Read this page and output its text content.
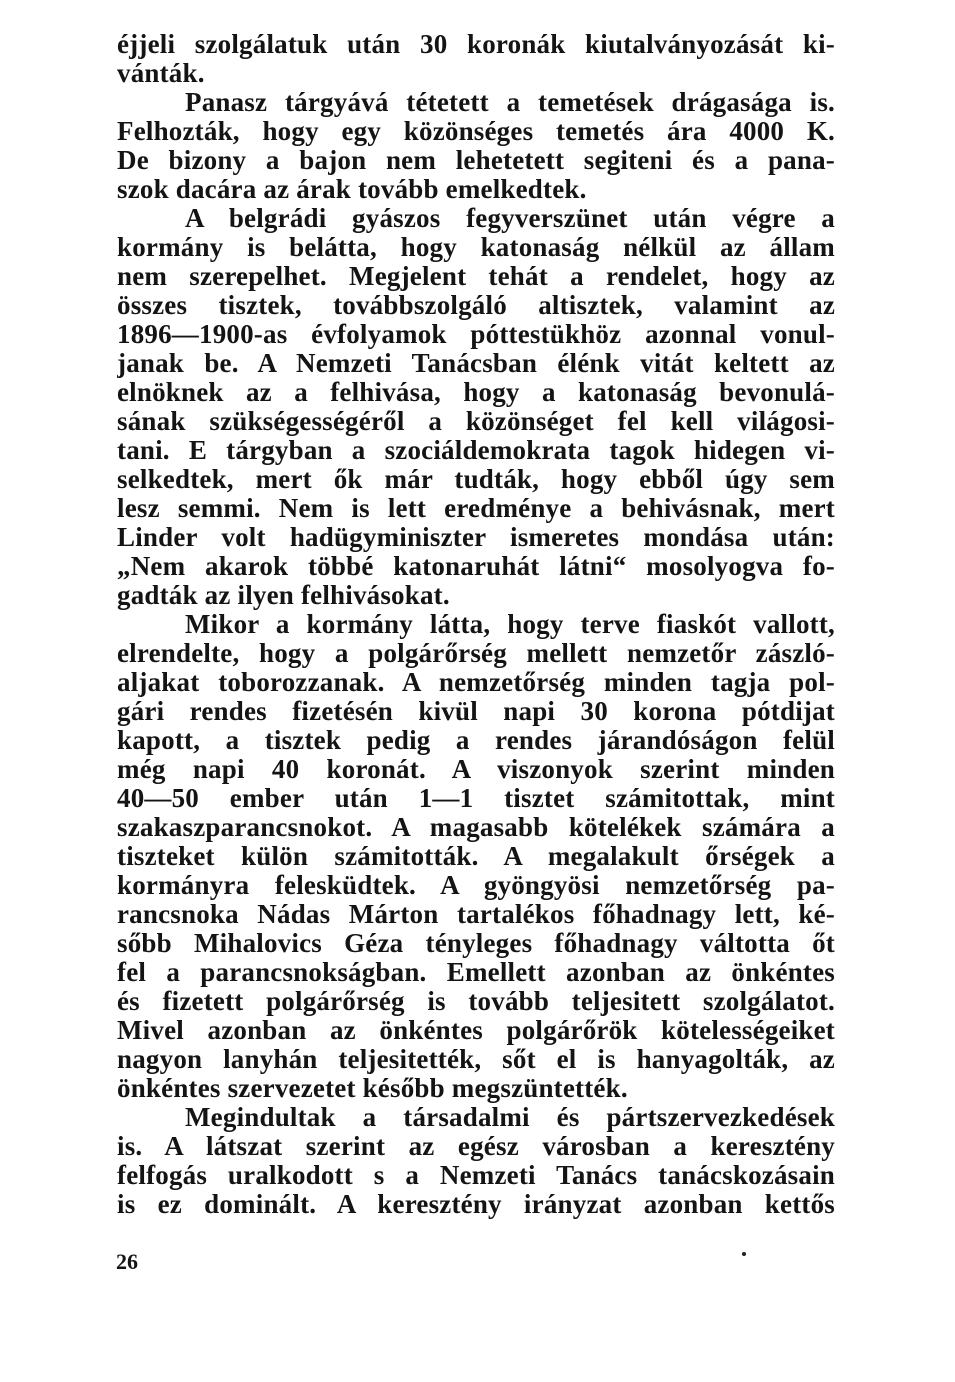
éjjeli szolgálatuk után 30 koronák kiutalványozását ki-
vánták.
Panasz tárgyává tétetett a temetések drágasága is.
Felhozták, hogy egy közönséges temetés ára 4000 K.
De bizony a bajon nem lehetetett segiteni és a pana-
szok dacára az árak tovább emelkedtek.
A belgrádi gyászos fegyverszünet után végre a
kormány is belátta, hogy katonaság nélkül az állam
nem szerepelhet. Megjelent tehát a rendelet, hogy az
összes tisztek, továbbszolgáló altisztek, valamint az
1896—1900-as évfolyamok póttestükhöz azonnal vonul-
janak be. A Nemzeti Tanácsban élénk vitát keltett az
elnöknek az a felhivása, hogy a katonaság bevonulá-
sának szükségességéről a közönséget fel kell világosi-
tani. E tárgyban a szociáldemokrata tagok hidegen vi-
selkedtek, mert ők már tudták, hogy ebből úgy sem
lesz semmi. Nem is lett eredménye a behivásnak, mert
Linder volt hadügyminiszter ismeretes mondása után:
„Nem akarok többé katonaruhát látni“ mosolyogva fo-
gadták az ilyen felhivásokat.
Mikor a kormány látta, hogy terve fiaskót vallott,
elrendelte, hogy a polgárőrség mellett nemzetőr zászló-
aljakat toborozzanak. A nemzetőrség minden tagja pol-
gári rendes fizetésén kivül napi 30 korona pótdijat
kapott, a tisztek pedig a rendes járandóságon felül
még napi 40 koronát. A viszonyok szerint minden
40—50 ember után 1—1 tisztet számitottak, mint
szakaszparancsnokot. A magasabb kötelékek számára a
tiszteket külön számitották. A megalakult őrségek a
kormányra felesküdtek. A gyöngyösi nemzetőrség pa-
rancsnoka Nádas Márton tartalékos főhadnagy lett, ké-
sőbb Mihalovics Géza tényleges főhadnagy váltotta őt
fel a parancsnokságban. Emellett azonban az önkéntes
és fizetett polgárőrség is tovább teljesitett szolgálatot.
Mivel azonban az önkéntes polgárőrök kötelességeiket
nagyon lanyhán teljesitették, sőt el is hanyagolták, az
önkéntes szervezetet később megszüntették.
Megindultak a társadalmi és pártszervezkedések
is. A látszat szerint az egész városban a keresztény
felfogás uralkodott s a Nemzeti Tanács tanácskozásain
is ez dominált. A keresztény irányzat azonban kettős
26
